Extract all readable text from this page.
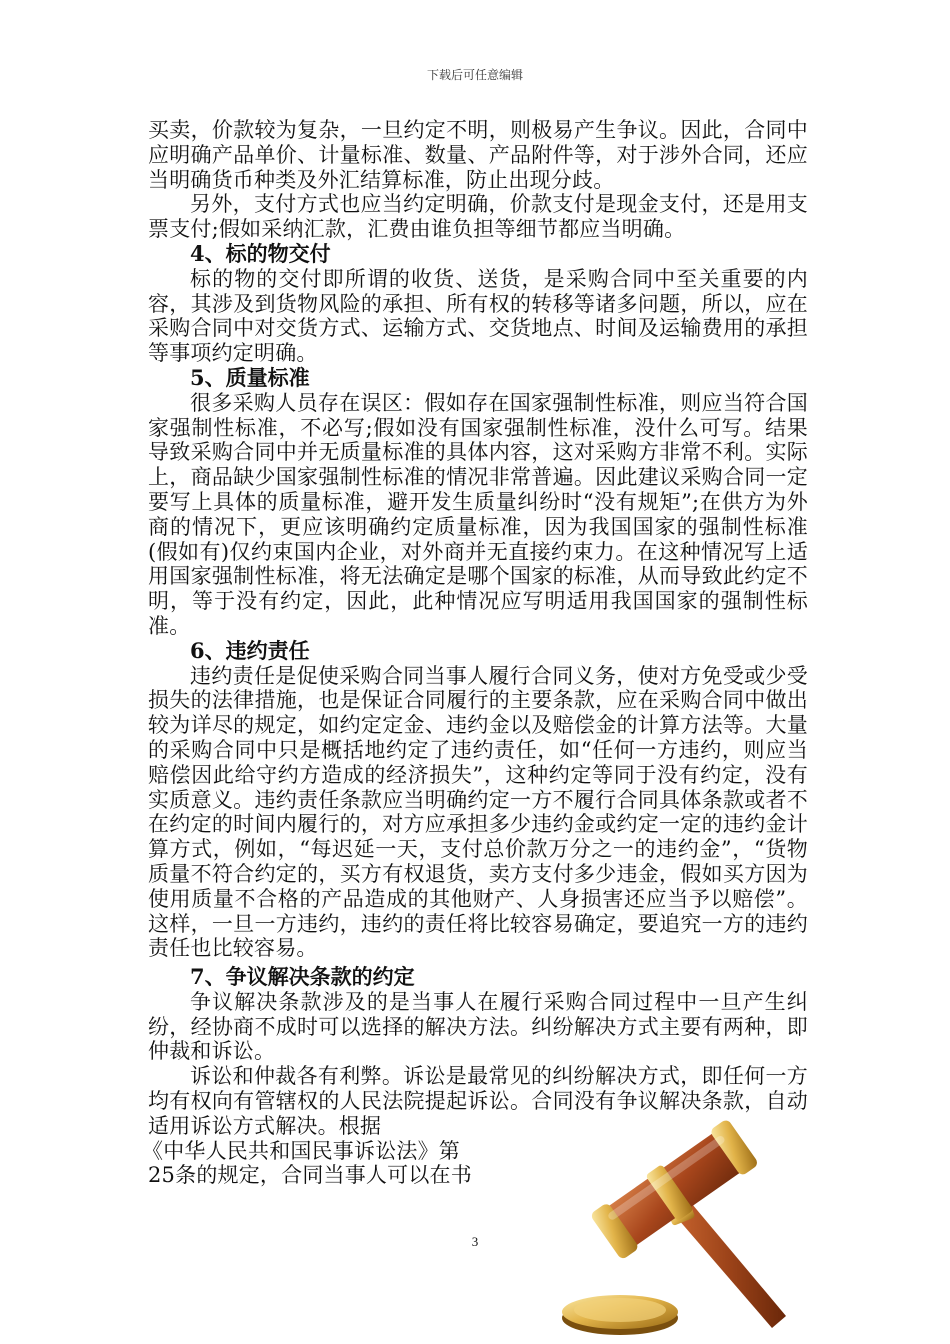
下载后可任意编辑

买卖，价款较为复杂，一旦约定不明，则极易产生争议。因此，合同中应明确产品单价、计量标准、数量、产品附件等，对于涉外合同，还应当明确货币种类及外汇结算标准，防止出现分歧。

另外，支付方式也应当约定明确，价款支付是现金支付，还是用支票支付;假如采纳汇款，汇费由谁负担等细节都应当明确。

4、标的物交付

标的物的交付即所谓的收货、送货，是采购合同中至关重要的内容，其涉及到货物风险的承担、所有权的转移等诸多问题，所以，应在采购合同中对交货方式、运输方式、交货地点、时间及运输费用的承担等事项约定明确。

5、质量标准

很多采购人员存在误区：假如存在国家强制性标准，则应当符合国家强制性标准，不必写;假如没有国家强制性标准，没什么可写。结果导致采购合同中并无质量标准的具体内容，这对采购方非常不利。实际上，商品缺少国家强制性标准的情况非常普遍。因此建议采购合同一定要写上具体的质量标准，避开发生质量纠纷时“没有规矩”;在供方为外商的情况下，更应该明确约定质量标准，因为我国国家的强制性标准(假如有)仅约束国内企业，对外商并无直接约束力。在这种情况写上适用国家强制性标准，将无法确定是哪个国家的标准，从而导致此约定不明，等于没有约定，因此，此种情况应写明适用我国国家的强制性标准。

6、违约责任

违约责任是促使采购合同当事人履行合同义务，使对方免受或少受损失的法律措施，也是保证合同履行的主要条款，应在采购合同中做出较为详尽的规定，如约定定金、违约金以及赔偿金的计算方法等。大量的采购合同中只是概括地约定了违约责任，如“任何一方违约，则应当赔偿因此给守约方造成的经济损失”，这种约定等同于没有约定，没有实质意义。违约责任条款应当明确约定一方不履行合同具体条款或者不在约定的时间内履行的，对方应承担多少违约金或约定一定的违约金计算方式，例如，“每迟延一天，支付总价款万分之一的违约金”，“货物质量不符合约定的，买方有权退货，卖方支付多少违金，假如买方因为使用质量不合格的产品造成的其他财产、人身损害还应当予以赔偿”。这样，一旦一方违约，违约的责任将比较容易确定，要追究一方的违约责任也比较容易。

7、争议解决条款的约定

争议解决条款涉及的是当事人在履行采购合同过程中一旦产生纠纷，经协商不成时可以选择的解决方法。纠纷解决方式主要有两种，即仲裁和诉讼。

诉讼和仲裁各有利弊。诉讼是最常见的纠纷解决方式，即任何一方均有权向有管辖权的人民法院提起诉讼。合同没有争议解决条款，自动适用诉讼方式解决。根据

《中华人民共和国民事诉讼法》第

25条的规定，合同当事人可以在书

3
